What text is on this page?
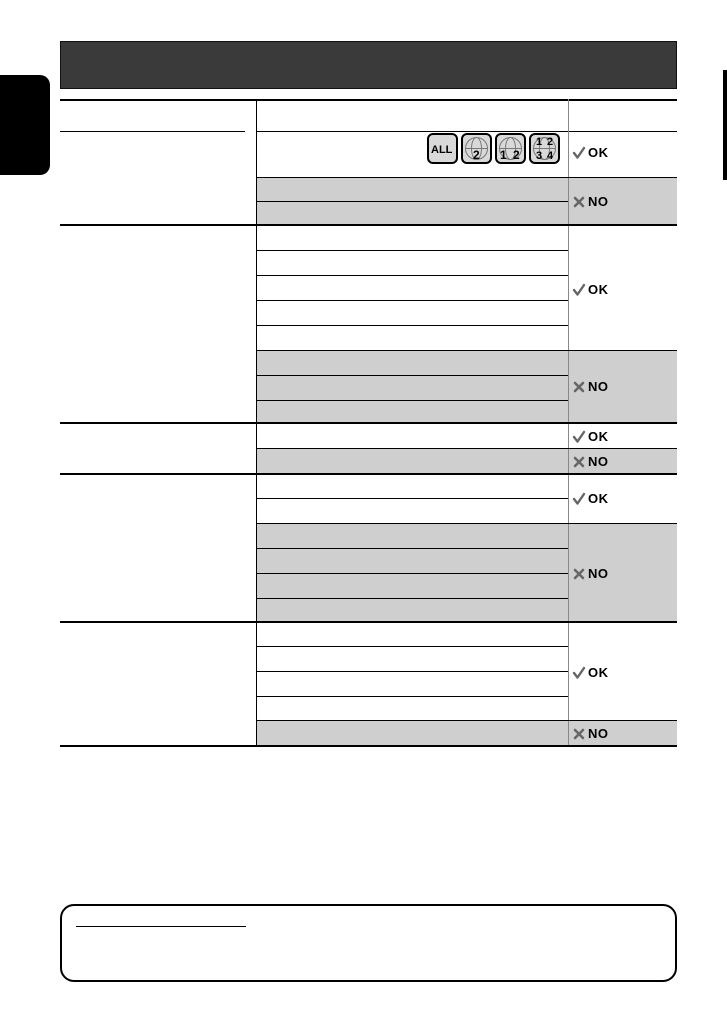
ALL 2 1 2
1 2
3 4	OK
NO
OK
NO
OK
NO
OK
NO
OK
NO
